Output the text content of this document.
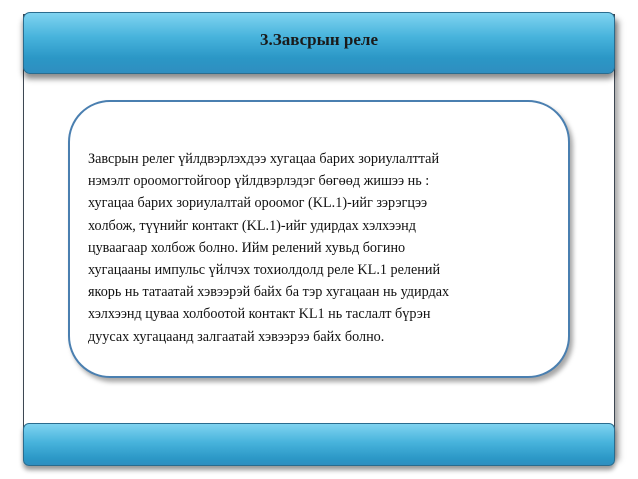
3.Завсрын реле

Завсрын релег үйлдвэрлэхдээ хугацаа барих зориулалттай
нэмэлт ороомогтойгоор үйлдвэрлэдэг бөгөөд жишээ нь :
хугацаа барих зориулалтай ороомог (KL.1)-ийг зэрэгцээ
холбож, түүнийг контакт (KL.1)-ийг удирдах хэлхээнд
цуваагаар холбож болно. Ийм релений хувьд богино
хугацааны импульс үйлчэх тохиолдолд реле KL.1 релений
якорь нь татаатай хэвээрэй байх ба тэр хугацаан нь удирдах
хэлхээнд цуваа холбоотой контакт KL1 нь таслалт бүрэн
дуусах хугацаанд залгаатай хэвээрээ байх болно.
